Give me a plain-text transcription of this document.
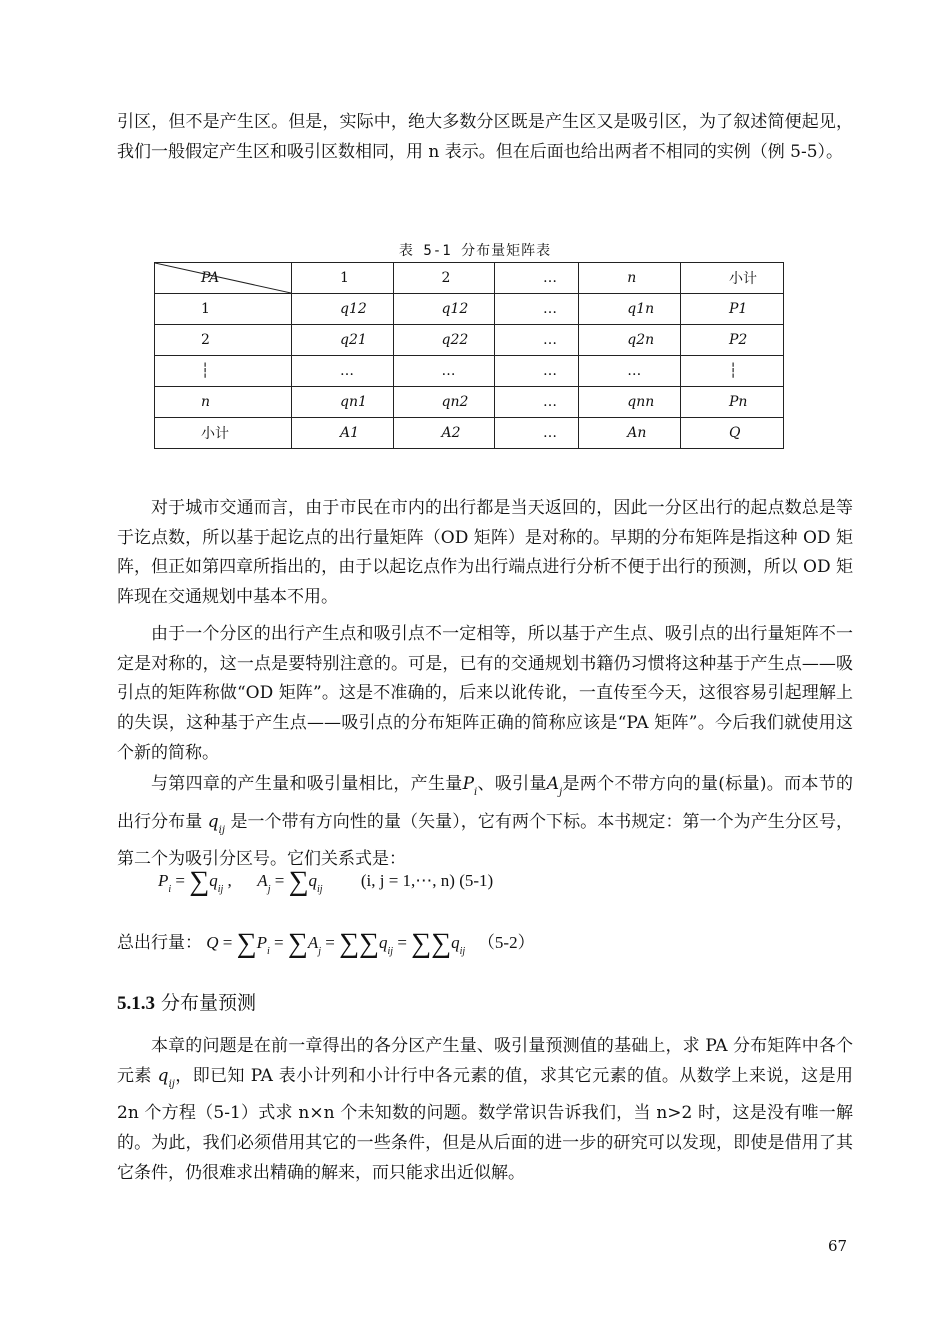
引区，但不是产生区。但是，实际中，绝大多数分区既是产生区又是吸引区，为了叙述简便起见，我们一般假定产生区和吸引区数相同，用 n 表示。但在后面也给出两者不相同的实例（例 5-5）。

表 5-1 分布量矩阵表
PA	1	2	…	n	小计
1	q12	q12	…	q1n	P1
2	q21	q22	…	q2n	P2
┆	…	…	…	…	┆
n	qn1	qn2	…	qnn	Pn
小计	A1	A2	…	An	Q

对于城市交通而言，由于市民在市内的出行都是当天返回的，因此一分区出行的起点数总是等于讫点数，所以基于起讫点的出行量矩阵（OD 矩阵）是对称的。早期的分布矩阵是指这种 OD 矩阵，但正如第四章所指出的，由于以起讫点作为出行端点进行分析不便于出行的预测，所以 OD 矩阵现在交通规划中基本不用。

由于一个分区的出行产生点和吸引点不一定相等，所以基于产生点、吸引点的出行量矩阵不一定是对称的，这一点是要特别注意的。可是，已有的交通规划书籍仍习惯将这种基于产生点——吸引点的矩阵称做“OD 矩阵”。这是不准确的，后来以讹传讹，一直传至今天，这很容易引起理解上的失误，这种基于产生点——吸引点的分布矩阵正确的简称应该是“PA 矩阵”。今后我们就使用这个新的简称。

与第四章的产生量和吸引量相比，产生量$P_i$、吸引量$A_j$是两个不带方向的量(标量)。而本节的出行分布量 $q_{ij}$ 是一个带有方向性的量（矢量），它有两个下标。本书规定：第一个为产生分区号，第二个为吸引分区号。它们关系式是：

$P_i = \sum q_{ij}$ ,      $A_j = \sum q_{ij}$ (i, j = 1,⋯, n) (5-1)
总出行量： $Q = \sum P_i = \sum A_j = \sum\sum q_{ij} = \sum\sum q_{ij}$ （5-2）
5.1.3 分布量预测

本章的问题是在前一章得出的各分区产生量、吸引量预测值的基础上，求 PA 分布矩阵中各个元素 $q_{ij}$，即已知 PA 表小计列和小计行中各元素的值，求其它元素的值。从数学上来说，这是用 2n 个方程（5-1）式求 n×n 个未知数的问题。数学常识告诉我们，当 n>2 时，这是没有唯一解的。为此，我们必须借用其它的一些条件，但是从后面的进一步的研究可以发现，即使是借用了其它条件，仍很难求出精确的解来，而只能求出近似解。

67
